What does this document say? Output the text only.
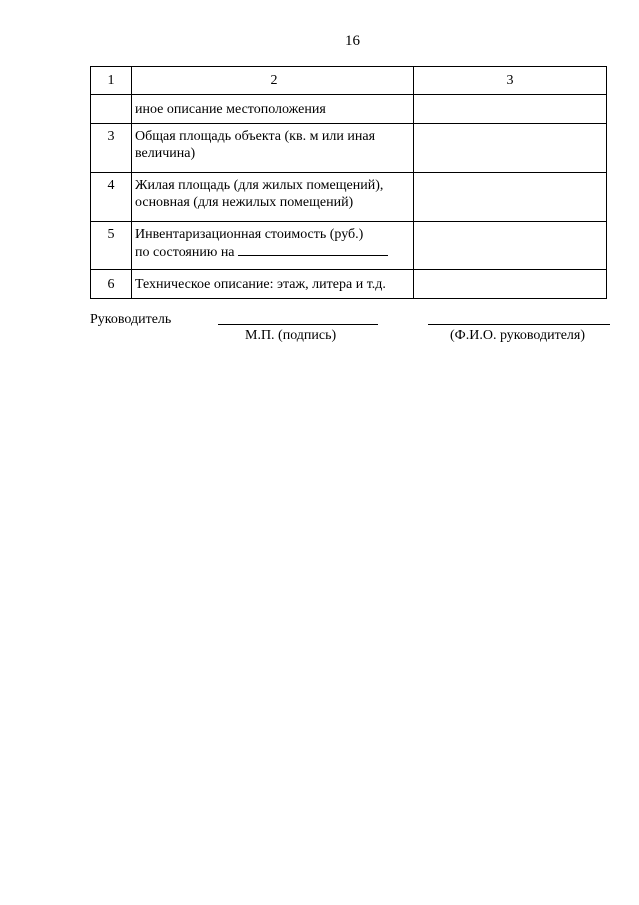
16
1	2	3

	иное описание местоположения	

3	Общая площадь объекта (кв. м или иная
величина)	

4	Жилая площадь (для жилых помещений),
основная (для нежилых помещений)	

5	Инвентаризационная стоимость (руб.)
по состоянию на	

6	Техническое описание: этаж, литера и т.д.	

Руководитель
М.П. (подпись)	(Ф.И.О. руководителя)
